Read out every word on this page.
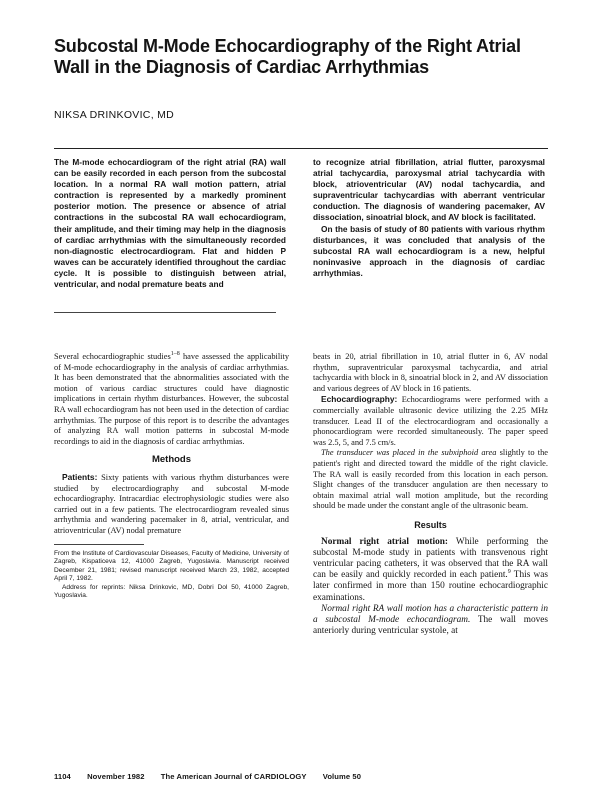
Subcostal M-Mode Echocardiography of the Right Atrial Wall in the Diagnosis of Cardiac Arrhythmias
NIKSA DRINKOVIC, MD

The M-mode echocardiogram of the right atrial (RA) wall can be easily recorded in each person from the subcostal location. In a normal RA wall motion pattern, atrial contraction is represented by a markedly prominent posterior motion. The presence or absence of atrial contractions in the subcostal RA wall echocardiogram, their amplitude, and their timing may help in the diagnosis of cardiac arrhythmias with the simultaneously recorded non-diagnostic electrocardiogram. Flat and hidden P waves can be accurately identified throughout the cardiac cycle. It is possible to distinguish between atrial, ventricular, and nodal premature beats and

to recognize atrial fibrillation, atrial flutter, paroxysmal atrial tachycardia, paroxysmal atrial tachycardia with block, atrioventricular (AV) nodal tachycardia, and supraventricular tachycardias with aberrant ventricular conduction. The diagnosis of wandering pacemaker, AV dissociation, sinoatrial block, and AV block is facilitated.

On the basis of study of 80 patients with various rhythm disturbances, it was concluded that analysis of the subcostal RA wall echocardiogram is a new, helpful noninvasive approach in the diagnosis of cardiac arrhythmias.

Several echocardiographic studies$^{1-8}$ have assessed the applicability of M-mode echocardiography in the analysis of cardiac arrhythmias. It has been demonstrated that the abnormalities associated with the motion of various cardiac structures could have diagnostic implications in certain rhythm disturbances. However, the subcostal RA wall echocardiogram has not been used in the detection of cardiac arrhythmias. The purpose of this report is to describe the advantages of analyzing RA wall motion patterns in subcostal M-mode recordings to aid in the diagnosis of cardiac arrhythmias.

Methods

Patients: Sixty patients with various rhythm disturbances were studied by electrocardiography and subcostal M-mode echocardiography. Intracardiac electrophysiologic studies were also carried out in a few patients. The electrocardiogram revealed sinus arrhythmia and wandering pacemaker in 8, atrial, ventricular, and atrioventricular (AV) nodal premature

From the Institute of Cardiovascular Diseases, Faculty of Medicine, University of Zagreb, Kispaticeva 12, 41000 Zagreb, Yugoslavia. Manuscript received December 21, 1981; revised manuscript received March 23, 1982, accepted April 7, 1982.

Address for reprints: Niksa Drinkovic, MD, Dobri Dol 50, 41000 Zagreb, Yugoslavia.

beats in 20, atrial fibrillation in 10, atrial flutter in 6, AV nodal rhythm, supraventricular paroxysmal tachycardia, and atrial tachycardia with block in 8, sinoatrial block in 2, and AV dissociation and various degrees of AV block in 16 patients.

Echocardiography: Echocardiograms were performed with a commercially available ultrasonic device utilizing the 2.25 MHz transducer. Lead II of the electrocardiogram and occasionally a phonocardiogram were recorded simultaneously. The paper speed was 2.5, 5, and 7.5 cm/s.

The transducer was placed in the subxiphoid area slightly to the patient's right and directed toward the middle of the right clavicle. The RA wall is easily recorded from this location in each person. Slight changes of the transducer angulation are then necessary to obtain maximal atrial wall motion amplitude, but the recording should be made under the constant angle of the ultrasonic beam.

Results

Normal right atrial motion: While performing the subcostal M-mode study in patients with transvenous right ventricular pacing catheters, it was observed that the RA wall can be easily and quickly recorded in each patient.$^9$ This was later confirmed in more than 150 routine echocardiographic examinations.

Normal right RA wall motion has a characteristic pattern in a subcostal M-mode echocardiogram. The wall moves anteriorly during ventricular systole, at

1104 November 1982 The American Journal of CARDIOLOGY Volume 50
